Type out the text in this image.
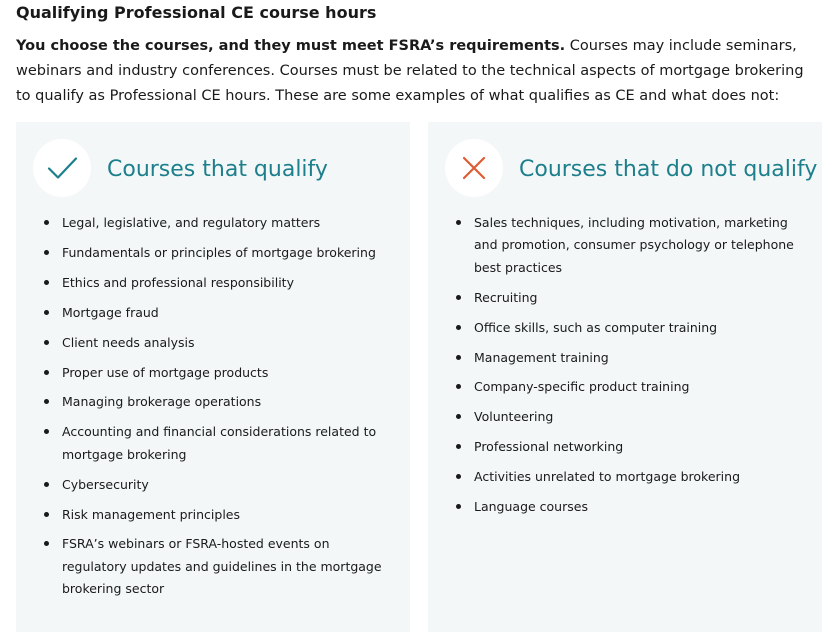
Qualifying Professional CE course hours

You choose the courses, and they must meet FSRA’s requirements. Courses may include seminars, webinars and industry conferences. Courses must be related to the technical aspects of mortgage brokering to qualify as Professional CE hours. These are some examples of what qualifies as CE and what does not:

Courses that qualify
Legal, legislative, and regulatory matters
Fundamentals or principles of mortgage brokering
Ethics and professional responsibility
Mortgage fraud
Client needs analysis
Proper use of mortgage products
Managing brokerage operations
Accounting and financial considerations related to mortgage brokering
Cybersecurity
Risk management principles
FSRA’s webinars or FSRA-hosted events on regulatory updates and guidelines in the mortgage brokering sector
Courses that do not qualify
Sales techniques, including motivation, marketing and promotion, consumer psychology or telephone best practices
Recruiting
Office skills, such as computer training
Management training
Company-specific product training
Volunteering
Professional networking
Activities unrelated to mortgage brokering
Language courses
